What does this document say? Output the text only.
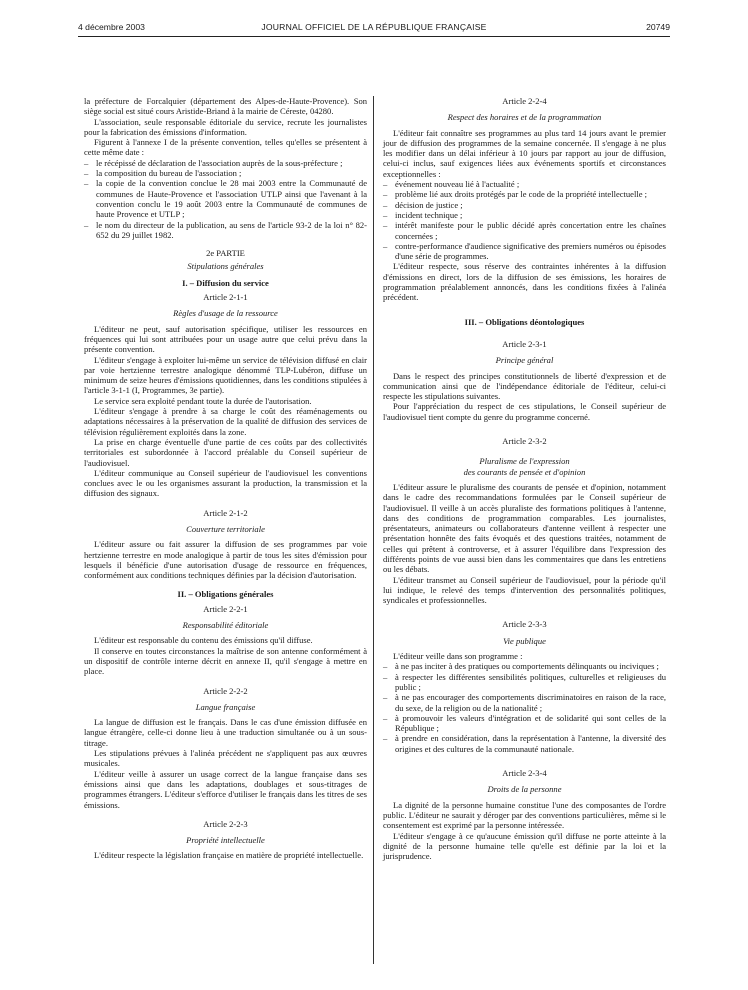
4 décembre 2003	JOURNAL OFFICIEL DE LA RÉPUBLIQUE FRANÇAISE	20749

la préfecture de Forcalquier (département des Alpes-de-Haute-Provence). Son siège social est situé cours Aristide-Briand à la mairie de Céreste, 04280.

L'association, seule responsable éditoriale du service, recrute les journalistes pour la fabrication des émissions d'information.

Figurent à l'annexe I de la présente convention, telles qu'elles se présentent à cette même date :

– le récépissé de déclaration de l'association auprès de la sous-préfecture ;
– la composition du bureau de l'association ;
– la copie de la convention conclue le 28 mai 2003 entre la Communauté de communes de Haute-Provence et l'association UTLP ainsi que l'avenant à la convention conclu le 19 août 2003 entre la Communauté de communes de haute Provence et UTLP ;
– le nom du directeur de la publication, au sens de l'article 93-2 de la loi n° 82-652 du 29 juillet 1982.

2e PARTIE

Stipulations générales

I. – Diffusion du service

Article 2-1-1

Règles d'usage de la ressource

L'éditeur ne peut, sauf autorisation spécifique, utiliser les ressources en fréquences qui lui sont attribuées pour un usage autre que celui prévu dans la présente convention.

L'éditeur s'engage à exploiter lui-même un service de télévision diffusé en clair par voie hertzienne terrestre analogique dénommé TLP-Lubéron, diffuse un minimum de seize heures d'émissions quotidiennes, dans les conditions stipulées à l'article 3-1-1 (I, Programmes, 3e partie).

Le service sera exploité pendant toute la durée de l'autorisation.

L'éditeur s'engage à prendre à sa charge le coût des réaménagements ou adaptations nécessaires à la préservation de la qualité de diffusion des services de télévision régulièrement exploités dans la zone.

La prise en charge éventuelle d'une partie de ces coûts par des collectivités territoriales est subordonnée à l'accord préalable du Conseil supérieur de l'audiovisuel.

L'éditeur communique au Conseil supérieur de l'audiovisuel les conventions conclues avec le ou les organismes assurant la production, la transmission et la diffusion des signaux.

Article 2-1-2

Couverture territoriale

L'éditeur assure ou fait assurer la diffusion de ses programmes par voie hertzienne terrestre en mode analogique à partir de tous les sites d'émission pour lesquels il bénéficie d'une autorisation d'usage de ressource en fréquences, conformément aux conditions techniques définies par la décision d'autorisation.

II. – Obligations générales

Article 2-2-1

Responsabilité éditoriale

L'éditeur est responsable du contenu des émissions qu'il diffuse.

Il conserve en toutes circonstances la maîtrise de son antenne conformément à un dispositif de contrôle interne décrit en annexe II, qu'il s'engage à mettre en place.

Article 2-2-2

Langue française

La langue de diffusion est le français. Dans le cas d'une émission diffusée en langue étrangère, celle-ci donne lieu à une traduction simultanée ou à un sous-titrage.

Les stipulations prévues à l'alinéa précédent ne s'appliquent pas aux œuvres musicales.

L'éditeur veille à assurer un usage correct de la langue française dans ses émissions ainsi que dans les adaptations, doublages et sous-titrages de programmes étrangers. L'éditeur s'efforce d'utiliser le français dans les titres de ses émissions.

Article 2-2-3

Propriété intellectuelle

L'éditeur respecte la législation française en matière de propriété intellectuelle.

Article 2-2-4

Respect des horaires et de la programmation

L'éditeur fait connaître ses programmes au plus tard 14 jours avant le premier jour de diffusion des programmes de la semaine concernée. Il s'engage à ne plus les modifier dans un délai inférieur à 10 jours par rapport au jour de diffusion, celui-ci inclus, sauf exigences liées aux événements sportifs et circonstances exceptionnelles :

– événement nouveau lié à l'actualité ;
– problème lié aux droits protégés par le code de la propriété intellectuelle ;
– décision de justice ;
– incident technique ;
– intérêt manifeste pour le public décidé après concertation entre les chaînes concernées ;
– contre-performance d'audience significative des premiers numéros ou épisodes d'une série de programmes.

L'éditeur respecte, sous réserve des contraintes inhérentes à la diffusion d'émissions en direct, lors de la diffusion de ses émissions, les horaires de programmation préalablement annoncés, dans les conditions fixées à l'alinéa précédent.

III. – Obligations déontologiques

Article 2-3-1

Principe général

Dans le respect des principes constitutionnels de liberté d'expression et de communication ainsi que de l'indépendance éditoriale de l'éditeur, celui-ci respecte les stipulations suivantes.

Pour l'appréciation du respect de ces stipulations, le Conseil supérieur de l'audiovisuel tient compte du genre du programme concerné.

Article 2-3-2

Pluralisme de l'expression

des courants de pensée et d'opinion

L'éditeur assure le pluralisme des courants de pensée et d'opinion, notamment dans le cadre des recommandations formulées par le Conseil supérieur de l'audiovisuel. Il veille à un accès pluraliste des formations politiques à l'antenne, dans des conditions de programmation comparables. Les journalistes, présentateurs, animateurs ou collaborateurs d'antenne veillent à respecter une présentation honnête des faits évoqués et des questions traitées, notamment de celles qui prêtent à controverse, et à assurer l'équilibre dans l'expression des différents points de vue aussi bien dans les commentaires que dans les entretiens ou les débats.

L'éditeur transmet au Conseil supérieur de l'audiovisuel, pour la période qu'il lui indique, le relevé des temps d'intervention des personnalités politiques, syndicales et professionnelles.

Article 2-3-3

Vie publique

L'éditeur veille dans son programme :

– à ne pas inciter à des pratiques ou comportements délinquants ou inciviques ;
– à respecter les différentes sensibilités politiques, culturelles et religieuses du public ;
– à ne pas encourager des comportements discriminatoires en raison de la race, du sexe, de la religion ou de la nationalité ;
– à promouvoir les valeurs d'intégration et de solidarité qui sont celles de la République ;
– à prendre en considération, dans la représentation à l'antenne, la diversité des origines et des cultures de la communauté nationale.

Article 2-3-4

Droits de la personne

La dignité de la personne humaine constitue l'une des composantes de l'ordre public. L'éditeur ne saurait y déroger par des conventions particulières, même si le consentement est exprimé par la personne intéressée.

L'éditeur s'engage à ce qu'aucune émission qu'il diffuse ne porte atteinte à la dignité de la personne humaine telle qu'elle est définie par la loi et la jurisprudence.
